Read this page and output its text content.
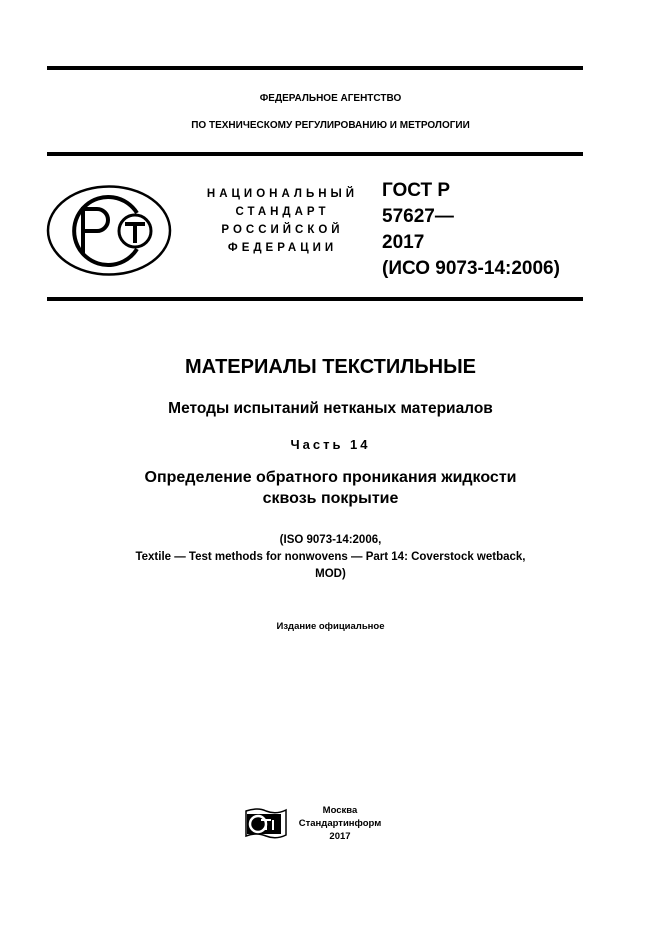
ФЕДЕРАЛЬНОЕ АГЕНТСТВО
ПО ТЕХНИЧЕСКОМУ РЕГУЛИРОВАНИЮ И МЕТРОЛОГИИ
НАЦИОНАЛЬНЫЙ
СТАНДАРТ
РОССИЙСКОЙ
ФЕДЕРАЦИИ
ГОСТ Р
57627—
2017
(ИСО 9073-14:2006)
МАТЕРИАЛЫ ТЕКСТИЛЬНЫЕ
Методы испытаний нетканых материалов
Часть 14
Определение обратного проникания жидкости
сквозь покрытие
(ISO 9073-14:2006,
Textile — Test methods for nonwovens — Part 14: Coverstock wetback,
MOD)
Издание официальное
Москва
Стандартинформ
2017
